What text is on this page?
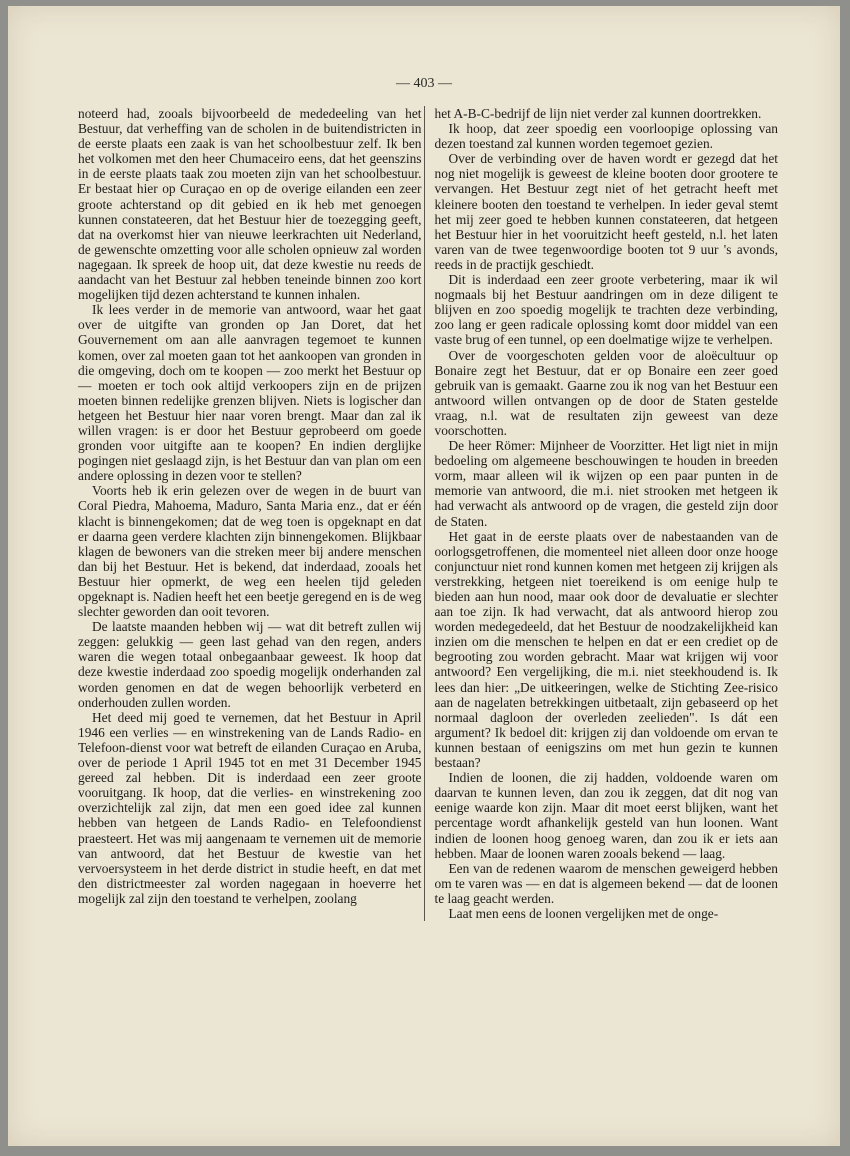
— 403 —

noteerd had, zooals bijvoorbeeld de mededeeling van het Bestuur, dat verheffing van de scholen in de buitendistricten in de eerste plaats een zaak is van het schoolbestuur zelf. Ik ben het volkomen met den heer Chumaceiro eens, dat het geenszins in de eerste plaats taak zou moeten zijn van het schoolbestuur. Er bestaat hier op Curaçao en op de overige eilanden een zeer groote achterstand op dit gebied en ik heb met genoegen kunnen constateeren, dat het Bestuur hier de toezegging geeft, dat na overkomst hier van nieuwe leerkrachten uit Nederland, de gewenschte omzetting voor alle scholen opnieuw zal worden nagegaan. Ik spreek de hoop uit, dat deze kwestie nu reeds de aandacht van het Bestuur zal hebben teneinde binnen zoo kort mogelijken tijd dezen achterstand te kunnen inhalen.

Ik lees verder in de memorie van antwoord, waar het gaat over de uitgifte van gronden op Jan Doret, dat het Gouvernement om aan alle aanvragen tegemoet te kunnen komen, over zal moeten gaan tot het aankoopen van gronden in die omgeving, doch om te koopen — zoo merkt het Bestuur op — moeten er toch ook altijd verkoopers zijn en de prijzen moeten binnen redelijke grenzen blijven. Niets is logischer dan hetgeen het Bestuur hier naar voren brengt. Maar dan zal ik willen vragen: is er door het Bestuur geprobeerd om goede gronden voor uitgifte aan te koopen? En indien derglijke pogingen niet geslaagd zijn, is het Bestuur dan van plan om een andere oplossing in dezen voor te stellen?

Voorts heb ik erin gelezen over de wegen in de buurt van Coral Piedra, Mahoema, Maduro, Santa Maria enz., dat er één klacht is binnengekomen; dat de weg toen is opgeknapt en dat er daarna geen verdere klachten zijn binnengekomen. Blijkbaar klagen de bewoners van die streken meer bij andere menschen dan bij het Bestuur. Het is bekend, dat inderdaad, zooals het Bestuur hier opmerkt, de weg een heelen tijd geleden opgeknapt is. Nadien heeft het een beetje geregend en is de weg slechter geworden dan ooit tevoren.

De laatste maanden hebben wij — wat dit betreft zullen wij zeggen: gelukkig — geen last gehad van den regen, anders waren die wegen totaal onbegaanbaar geweest. Ik hoop dat deze kwestie inderdaad zoo spoedig mogelijk onderhanden zal worden genomen en dat de wegen behoorlijk verbeterd en onderhouden zullen worden.

Het deed mij goed te vernemen, dat het Bestuur in April 1946 een verlies — en winstrekening van de Lands Radio- en Telefoon-dienst voor wat betreft de eilanden Curaçao en Aruba, over de periode 1 April 1945 tot en met 31 December 1945 gereed zal hebben. Dit is inderdaad een zeer groote vooruitgang. Ik hoop, dat die verlies- en winstrekening zoo overzichtelijk zal zijn, dat men een goed idee zal kunnen hebben van hetgeen de Lands Radio- en Telefoondienst praesteert. Het was mij aangenaam te vernemen uit de memorie van antwoord, dat het Bestuur de kwestie van het vervoersysteem in het derde district in studie heeft, en dat met den districtmeester zal worden nagegaan in hoeverre het mogelijk zal zijn den toestand te verhelpen, zoolang

het A-B-C-bedrijf de lijn niet verder zal kunnen doortrekken.

Ik hoop, dat zeer spoedig een voorloopige oplossing van dezen toestand zal kunnen worden tegemoet gezien.

Over de verbinding over de haven wordt er gezegd dat het nog niet mogelijk is geweest de kleine booten door grootere te vervangen. Het Bestuur zegt niet of het getracht heeft met kleinere booten den toestand te verhelpen. In ieder geval stemt het mij zeer goed te hebben kunnen constateeren, dat hetgeen het Bestuur hier in het vooruitzicht heeft gesteld, n.l. het laten varen van de twee tegenwoordige booten tot 9 uur 's avonds, reeds in de practijk geschiedt.

Dit is inderdaad een zeer groote verbetering, maar ik wil nogmaals bij het Bestuur aandringen om in deze diligent te blijven en zoo spoedig mogelijk te trachten deze verbinding, zoo lang er geen radicale oplossing komt door middel van een vaste brug of een tunnel, op een doelmatige wijze te verhelpen.

Over de voorgeschoten gelden voor de aloëcultuur op Bonaire zegt het Bestuur, dat er op Bonaire een zeer goed gebruik van is gemaakt. Gaarne zou ik nog van het Bestuur een antwoord willen ontvangen op de door de Staten gestelde vraag, n.l. wat de resultaten zijn geweest van deze voorschotten.

De heer Römer: Mijnheer de Voorzitter. Het ligt niet in mijn bedoeling om algemeene beschouwingen te houden in breeden vorm, maar alleen wil ik wijzen op een paar punten in de memorie van antwoord, die m.i. niet strooken met hetgeen ik had verwacht als antwoord op de vragen, die gesteld zijn door de Staten.

Het gaat in de eerste plaats over de nabestaanden van de oorlogsgetroffenen, die momenteel niet alleen door onze hooge conjunctuur niet rond kunnen komen met hetgeen zij krijgen als verstrekking, hetgeen niet toereikend is om eenige hulp te bieden aan hun nood, maar ook door de devaluatie er slechter aan toe zijn. Ik had verwacht, dat als antwoord hierop zou worden medegedeeld, dat het Bestuur de noodzakelijkheid kan inzien om die menschen te helpen en dat er een crediet op de begrooting zou worden gebracht. Maar wat krijgen wij voor antwoord? Een vergelijking, die m.i. niet steekhoudend is. Ik lees dan hier: „De uitkeeringen, welke de Stichting Zee-risico aan de nagelaten betrekkingen uitbetaalt, zijn gebaseerd op het normaal dagloon der overleden zeelieden". Is dát een argument? Ik bedoel dit: krijgen zij dan voldoende om ervan te kunnen bestaan of eenigszins om met hun gezin te kunnen bestaan?

Indien de loonen, die zij hadden, voldoende waren om daarvan te kunnen leven, dan zou ik zeggen, dat dit nog van eenige waarde kon zijn. Maar dit moet eerst blijken, want het percentage wordt afhankelijk gesteld van hun loonen. Want indien de loonen hoog genoeg waren, dan zou ik er iets aan hebben. Maar de loonen waren zooals bekend — laag.

Een van de redenen waarom de menschen geweigerd hebben om te varen was — en dat is algemeen bekend — dat de loonen te laag geacht werden.

Laat men eens de loonen vergelijken met de onge-
